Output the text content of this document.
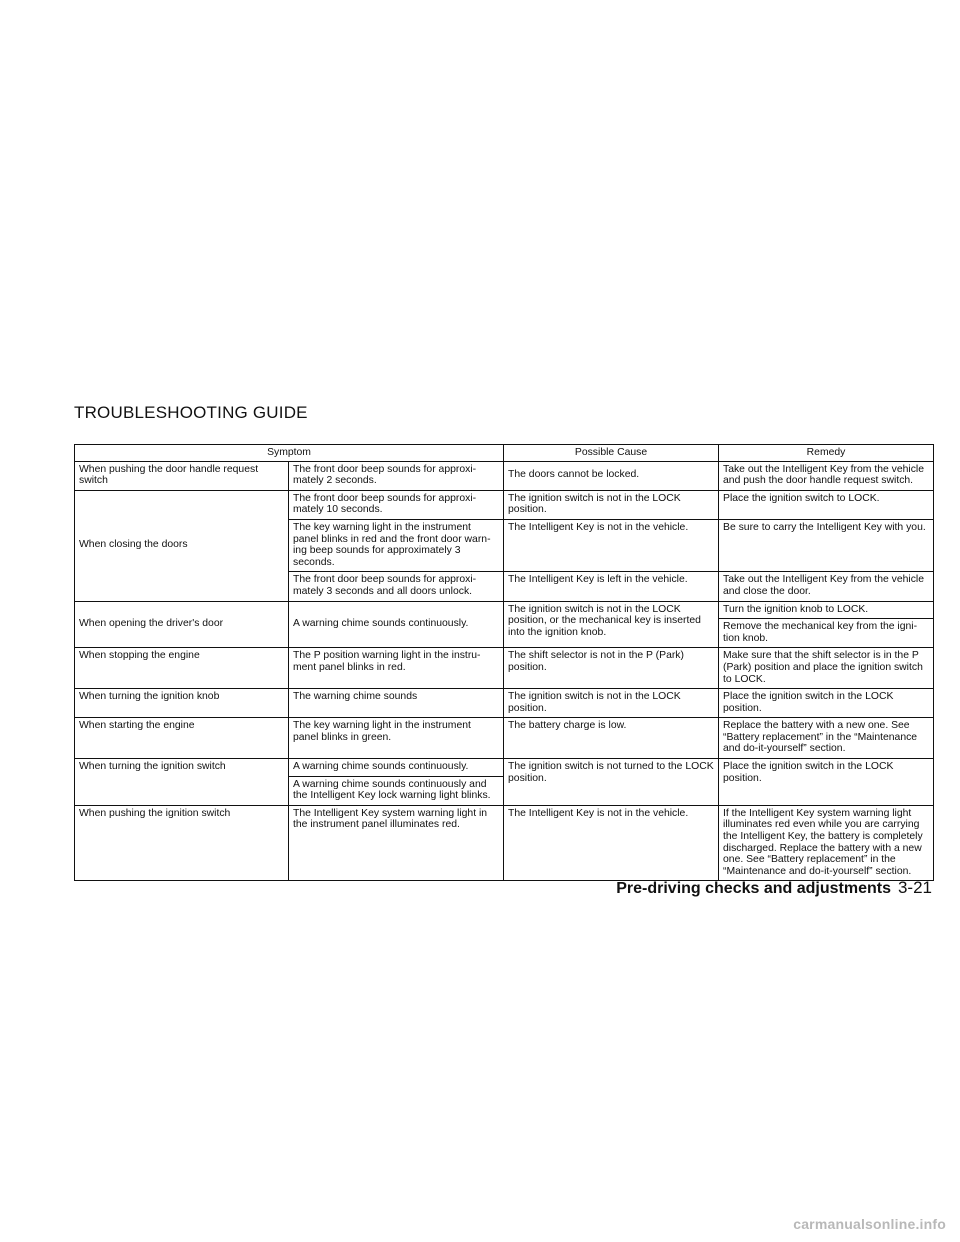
TROUBLESHOOTING GUIDE
Symptom		Possible Cause	Remedy
When pushing the door handle request switch	The front door beep sounds for approxi- mately 2 seconds.	The doors cannot be locked.	Take out the Intelligent Key from the vehicle and push the door handle request switch.
When closing the doors	The front door beep sounds for approxi- mately 10 seconds.	The ignition switch is not in the LOCK position.	Place the ignition switch to LOCK.
	The key warning light in the instrument panel blinks in red and the front door warn- ing beep sounds for approximately 3 seconds.	The Intelligent Key is not in the vehicle.	Be sure to carry the Intelligent Key with you.
	The front door beep sounds for approxi- mately 3 seconds and all doors unlock.	The Intelligent Key is left in the vehicle.	Take out the Intelligent Key from the vehicle and close the door.
When opening the driver's door	A warning chime sounds continuously.	The ignition switch is not in the LOCK position, or the mechanical key is inserted into the ignition knob.	Turn the ignition knob to LOCK.
			Remove the mechanical key from the igni- tion knob.
When stopping the engine	The P position warning light in the instru- ment panel blinks in red.	The shift selector is not in the P (Park) position.	Make sure that the shift selector is in the P (Park) position and place the ignition switch to LOCK.
When turning the ignition knob	The warning chime sounds	The ignition switch is not in the LOCK position.	Place the ignition switch in the LOCK position.
When starting the engine	The key warning light in the instrument panel blinks in green.	The battery charge is low.	Replace the battery with a new one. See “Battery replacement” in the “Maintenance and do-it-yourself” section.
When turning the ignition switch	A warning chime sounds continuously.	The ignition switch is not turned to the LOCK position.	Place the ignition switch in the LOCK position.
	A warning chime sounds continuously and the Intelligent Key lock warning light blinks.		
When pushing the ignition switch	The Intelligent Key system warning light in the instrument panel illuminates red.	The Intelligent Key is not in the vehicle.	If the Intelligent Key system warning light illuminates red even while you are carrying the Intelligent Key, the battery is completely discharged. Replace the battery with a new one. See “Battery replacement” in the “Maintenance and do-it-yourself” section.
Pre-driving checks and adjustments 3-21
carmanualsonline.info
